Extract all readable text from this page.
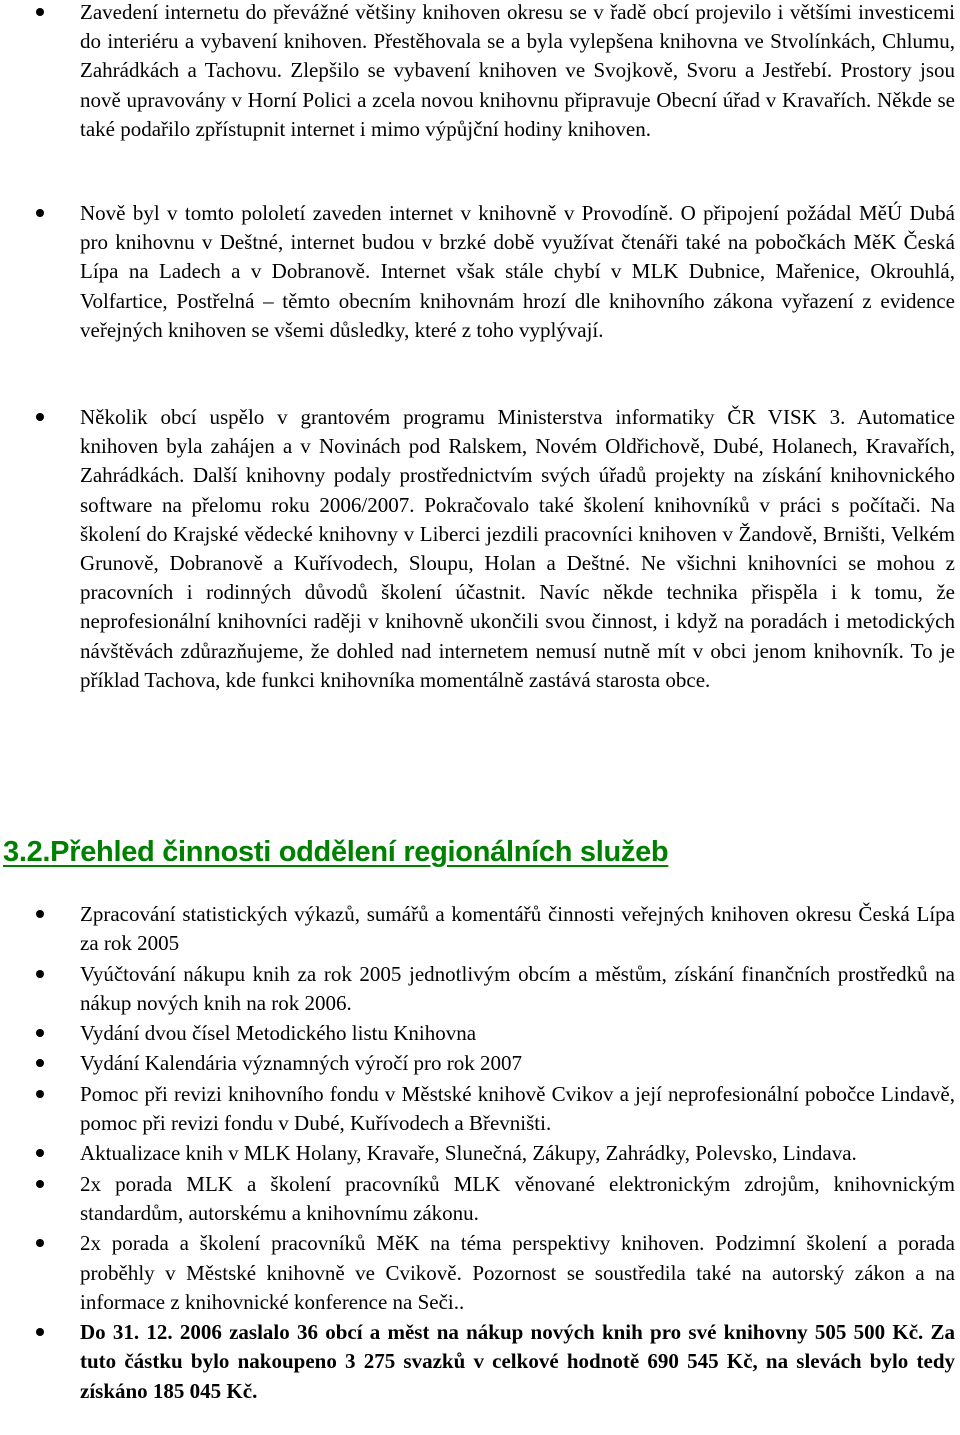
Zavedení internetu do převážné většiny knihoven okresu se v řadě obcí projevilo i většími investicemi do interiéru a vybavení knihoven. Přestěhovala se a byla vylepšena knihovna ve Stvolínkách, Chlumu, Zahrádkách a Tachovu. Zlepšilo se vybavení knihoven ve Svojkově, Svoru a Jestřebí. Prostory jsou nově upravovány v Horní Polici a zcela novou knihovnu připravuje Obecní úřad v Kravařích. Někde se také podařilo zpřístupnit internet i mimo výpůjční hodiny knihoven.
Nově byl v tomto pololetí zaveden internet v knihovně v Provodíně. O připojení požádal MěÚ Dubá pro knihovnu v Deštné, internet budou v brzké době využívat čtenáři také na pobočkách MěK Česká Lípa na Ladech a v Dobranově. Internet však stále chybí v MLK Dubnice, Mařenice, Okrouhlá, Volfartice, Postřelná – těmto obecním knihovnám hrozí dle knihovního zákona vyřazení z evidence veřejných knihoven se všemi důsledky, které z toho vyplývají.
Několik obcí uspělo v grantovém programu Ministerstva informatiky ČR VISK 3. Automatice knihoven byla zahájen a v Novinách pod Ralskem, Novém Oldřichově, Dubé, Holanech, Kravařích, Zahrádkách. Další knihovny podaly prostřednictvím svých úřadů projekty na získání knihovnického software na přelomu roku 2006/2007. Pokračovalo také školení knihovníků v práci s počítači. Na školení do Krajské vědecké knihovny v Liberci jezdili pracovníci knihoven v Žandově, Brništi, Velkém Grunově, Dobranově a Kuřívodech, Sloupu, Holan a Deštné. Ne všichni knihovníci se mohou z pracovních i rodinných důvodů školení účastnit. Navíc někde technika přispěla i k tomu, že neprofesionální knihovníci raději v knihovně ukončili svou činnost, i když na poradách i metodických návštěvách zdůrazňujeme, že dohled nad internetem nemusí nutně mít v obci jenom knihovník. To je příklad Tachova, kde funkci knihovníka momentálně zastává starosta obce.
3.2.Přehled činnosti oddělení regionálních služeb
Zpracování statistických výkazů, sumářů a komentářů činnosti veřejných knihoven okresu Česká Lípa za rok 2005
Vyúčtování nákupu knih za rok 2005 jednotlivým obcím a městům, získání finančních prostředků na nákup nových knih na rok 2006.
Vydání dvou čísel Metodického listu Knihovna
Vydání Kalendária významných výročí pro rok 2007
Pomoc při revizi knihovního fondu v Městské knihově Cvikov a její neprofesionální pobočce Lindavě, pomoc při revizi fondu v Dubé, Kuřívodech a Břevništi.
Aktualizace knih v MLK Holany, Kravaře, Slunečná, Zákupy, Zahrádky, Polevsko, Lindava.
2x porada MLK a školení pracovníků MLK věnované elektronickým zdrojům, knihovnickým standardům, autorskému a knihovnímu zákonu.
2x porada a školení pracovníků MěK na téma perspektivy knihoven. Podzimní školení a porada proběhly v Městské knihovně ve Cvikově. Pozornost se soustředila také na autorský zákon a na informace z knihovnické konference na Seči..
Do 31. 12. 2006 zaslalo 36 obcí a měst na nákup nových knih pro své knihovny 505 500 Kč. Za tuto částku bylo nakoupeno 3 275 svazků v celkové hodnotě 690 545 Kč, na slevách bylo tedy získáno 185 045 Kč.
